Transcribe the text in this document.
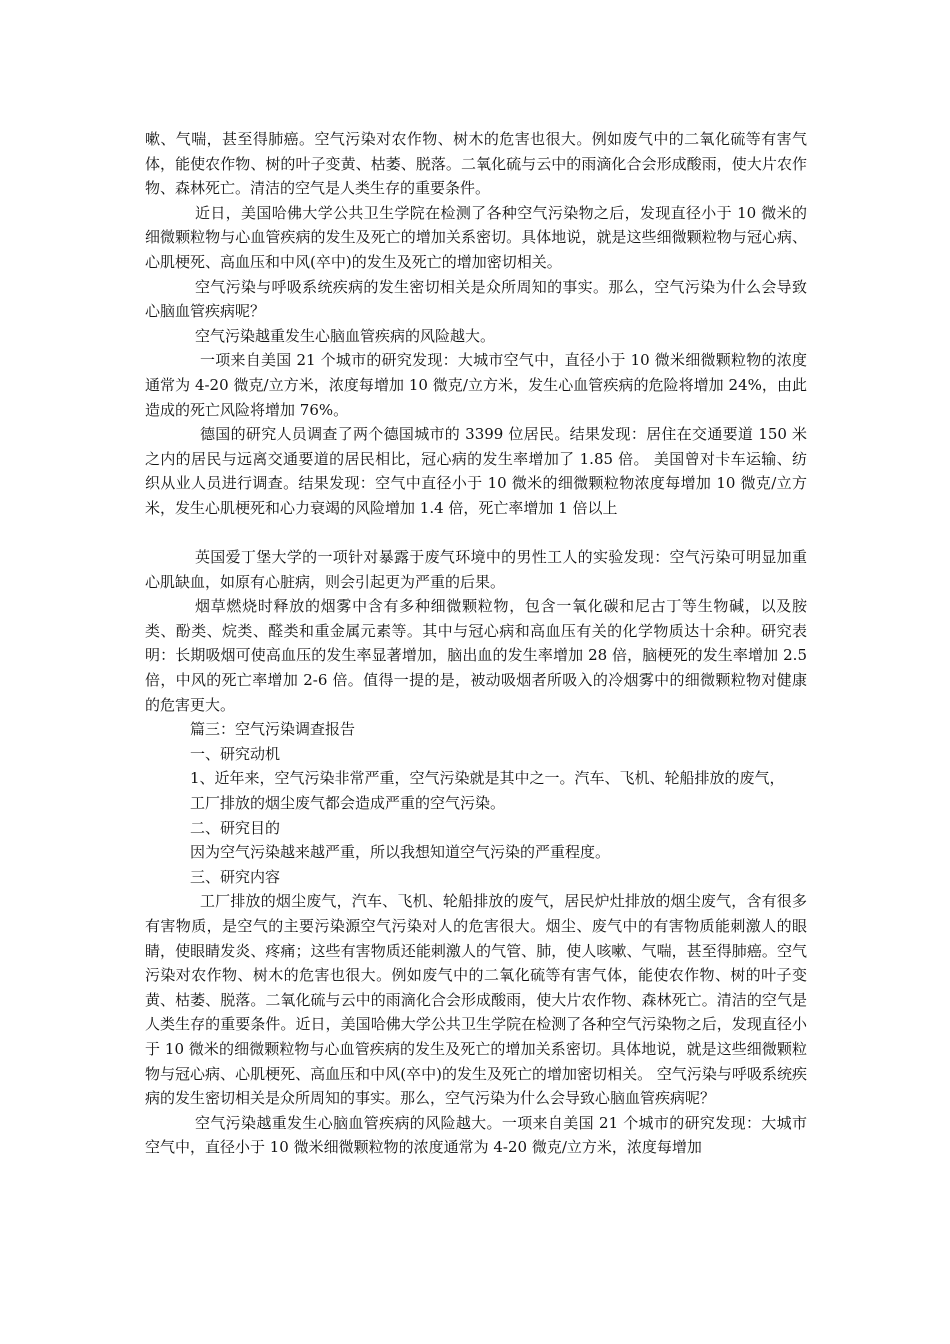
嗽、气喘，甚至得肺癌。空气污染对农作物、树木的危害也很大。例如废气中的二氧化硫等有害气体，能使农作物、树的叶子变黄、枯萎、脱落。二氧化硫与云中的雨滴化合会形成酸雨，使大片农作物、森林死亡。清洁的空气是人类生存的重要条件。

近日，美国哈佛大学公共卫生学院在检测了各种空气污染物之后，发现直径小于 10 微米的细微颗粒物与心血管疾病的发生及死亡的增加关系密切。具体地说，就是这些细微颗粒物与冠心病、心肌梗死、高血压和中风(卒中)的发生及死亡的增加密切相关。

空气污染与呼吸系统疾病的发生密切相关是众所周知的事实。那么，空气污染为什么会导致心脑血管疾病呢？

空气污染越重发生心脑血管疾病的风险越大。

一项来自美国 21 个城市的研究发现：大城市空气中，直径小于 10 微米细微颗粒物的浓度通常为 4-20 微克/立方米，浓度每增加 10 微克/立方米，发生心血管疾病的危险将增加 24%，由此造成的死亡风险将增加 76%。

德国的研究人员调查了两个德国城市的 3399 位居民。结果发现：居住在交通要道 150 米之内的居民与远离交通要道的居民相比，冠心病的发生率增加了 1.85 倍。 美国曾对卡车运输、纺织从业人员进行调查。结果发现：空气中直径小于 10 微米的细微颗粒物浓度每增加 10 微克/立方米，发生心肌梗死和心力衰竭的风险增加 1.4 倍，死亡率增加 1 倍以上

英国爱丁堡大学的一项针对暴露于废气环境中的男性工人的实验发现：空气污染可明显加重心肌缺血，如原有心脏病，则会引起更为严重的后果。

烟草燃烧时释放的烟雾中含有多种细微颗粒物，包含一氧化碳和尼古丁等生物碱，以及胺类、酚类、烷类、醛类和重金属元素等。其中与冠心病和高血压有关的化学物质达十余种。研究表明：长期吸烟可使高血压的发生率显著增加，脑出血的发生率增加 28 倍，脑梗死的发生率增加 2.5 倍，中风的死亡率增加 2-6 倍。值得一提的是，被动吸烟者所吸入的冷烟雾中的细微颗粒物对健康的危害更大。

篇三：空气污染调查报告

一、研究动机

1、近年来，空气污染非常严重，空气污染就是其中之一。汽车、飞机、轮船排放的废气，

工厂排放的烟尘废气都会造成严重的空气污染。

二、研究目的

因为空气污染越来越严重，所以我想知道空气污染的严重程度。

三、研究内容

工厂排放的烟尘废气，汽车、飞机、轮船排放的废气，居民炉灶排放的烟尘废气，含有很多有害物质，是空气的主要污染源空气污染对人的危害很大。烟尘、废气中的有害物质能刺激人的眼睛，使眼睛发炎、疼痛；这些有害物质还能刺激人的气管、肺，使人咳嗽、气喘，甚至得肺癌。空气污染对农作物、树木的危害也很大。例如废气中的二氧化硫等有害气体，能使农作物、树的叶子变黄、枯萎、脱落。二氧化硫与云中的雨滴化合会形成酸雨，使大片农作物、森林死亡。清洁的空气是人类生存的重要条件。近日，美国哈佛大学公共卫生学院在检测了各种空气污染物之后，发现直径小于 10 微米的细微颗粒物与心血管疾病的发生及死亡的增加关系密切。具体地说，就是这些细微颗粒物与冠心病、心肌梗死、高血压和中风(卒中)的发生及死亡的增加密切相关。 空气污染与呼吸系统疾病的发生密切相关是众所周知的事实。那么，空气污染为什么会导致心脑血管疾病呢？

空气污染越重发生心脑血管疾病的风险越大。一项来自美国 21 个城市的研究发现：大城市空气中，直径小于 10 微米细微颗粒物的浓度通常为 4-20 微克/立方米，浓度每增加
